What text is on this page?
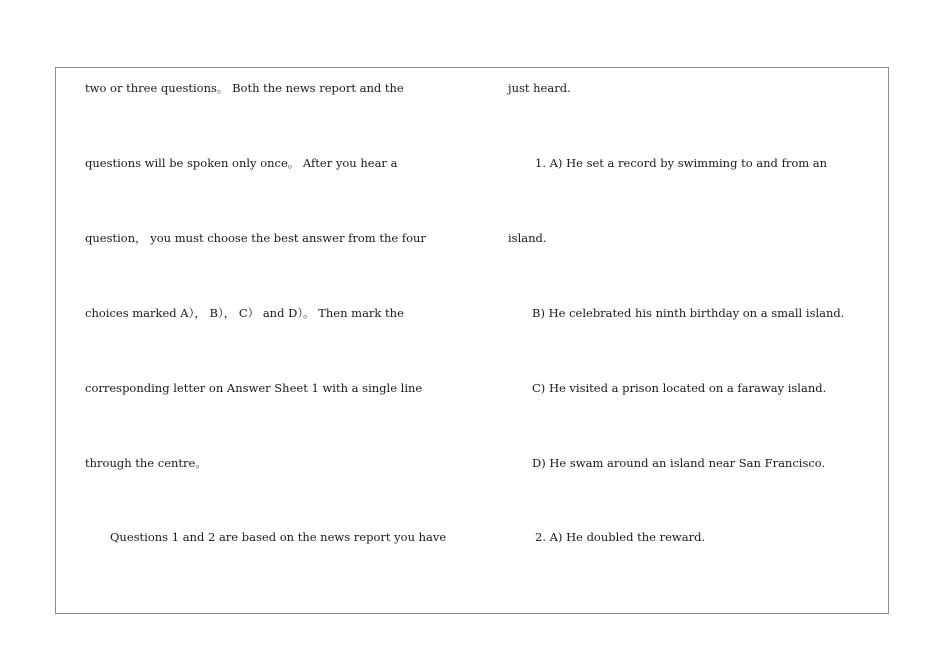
two or three questions。 Both the news report and the
questions will be spoken only once。 After you hear a
question， you must choose the best answer from the four
choices marked A）， B）， C） and D）。 Then mark the
corresponding letter on Answer Sheet 1 with a single line
through the centre。
Questions 1 and 2 are based on the news report you have
just heard.
1. A) He set a record by swimming to and from an
island.
B) He celebrated his ninth birthday on a small island.
C) He visited a prison located on a faraway island.
D) He swam around an island near San Francisco.
2. A) He doubled the reward.
